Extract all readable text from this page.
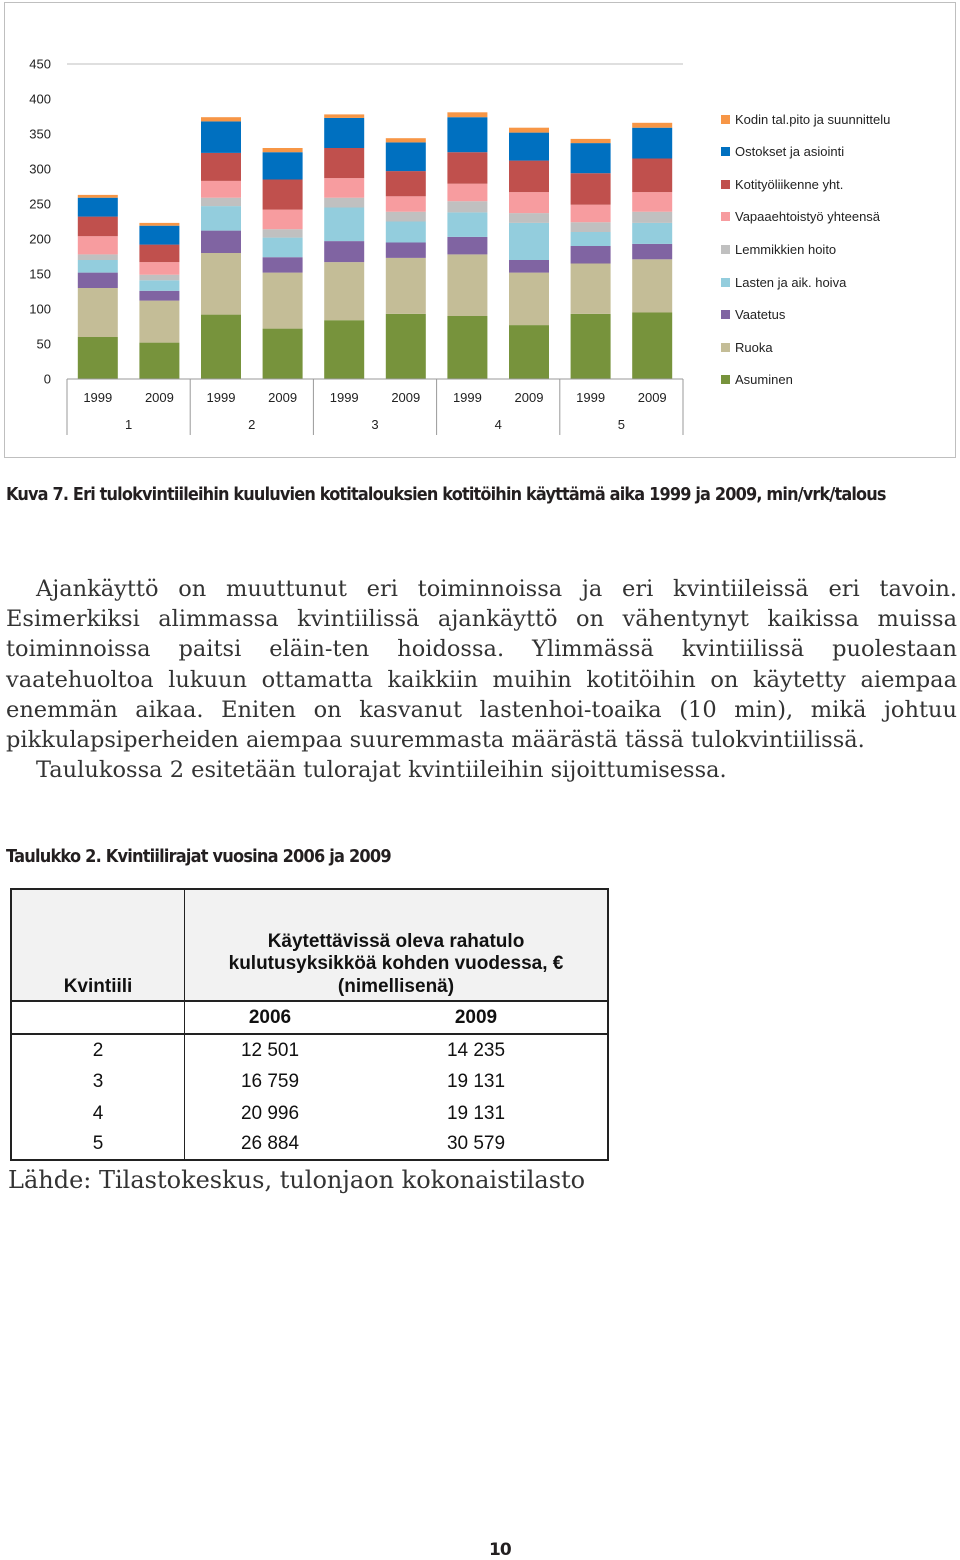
0
50
100
150
200
250
300
350
400
450
1999	2009	1999	2009	1999	2009	1999	2009	1999	2009
1	2	3	4	5
Kodin tal.pito ja suunnittelu
Ostokset ja asiointi
Kotityöliikenne yht.
Vapaaehtoistyö yhteensä
Lemmikkien hoito
Lasten ja aik. hoiva
Vaatetus
Ruoka
Asuminen
Kuva 7. Eri tulokvintiileihin kuuluvien kotitalouksien kotitöihin käyttämä aika 1999 ja 2009, min/vrk/talous

Ajankäyttö on muuttunut eri toiminnoissa ja eri kvintiileissä eri tavoin. Esimerkiksi alimmassa kvintiilissä ajankäyttö on vähentynyt kaikissa muissa toiminnoissa paitsi eläin-ten hoidossa. Ylimmässä kvintiilissä puolestaan vaatehuoltoa lukuun ottamatta kaikkiin muihin kotitöihin on käytetty aiempaa enemmän aikaa. Eniten on kasvanut lastenhoi-toaika (10 min), mikä johtuu pikkulapsiperheiden aiempaa suuremmasta määrästä tässä tulokvintiilissä.

Taulukossa 2 esitetään tulorajat kvintiileihin sijoittumisessa.

Taulukko 2. Kvintiilirajat vuosina 2006 ja 2009
Kvintiili	Käytettävissä oleva rahatulo kulutusyksikköä kohden vuodessa, € (nimellisenä)	
	2006	2009
2	12 501	14 235
3	16 759	19 131
4	20 996	19 131
5	26 884	30 579
Lähde: Tilastokeskus, tulonjaon kokonaistilasto
10
